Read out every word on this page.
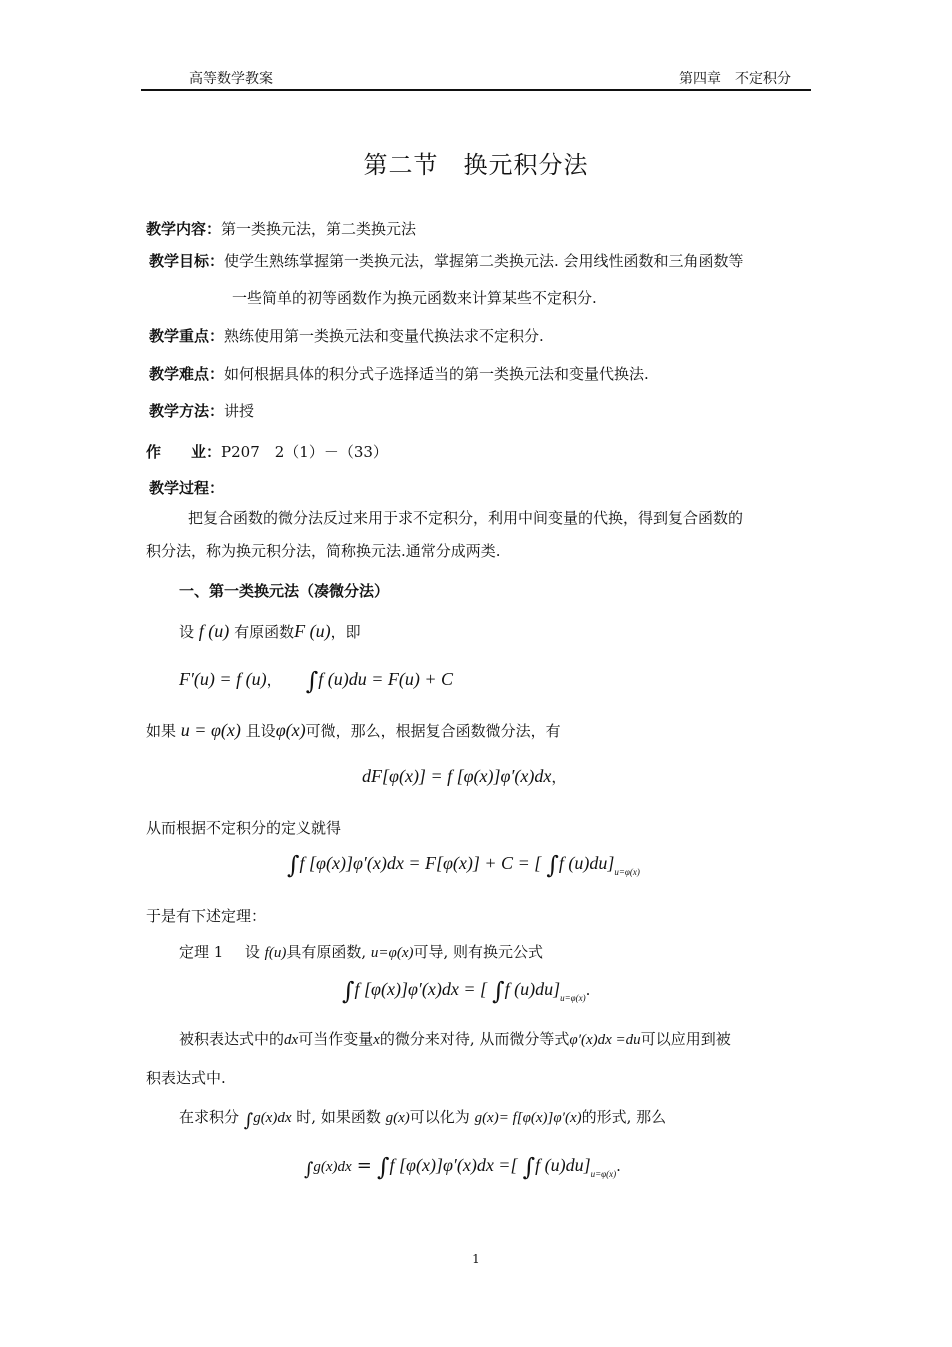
高等数学教案	第四章　不定积分
第二节　换元积分法
教学内容：第一类换元法，第二类换元法
教学目标：使学生熟练掌握第一类换元法，掌握第二类换元法. 会用线性函数和三角函数等
一些简单的初等函数作为换元函数来计算某些不定积分.
教学重点：熟练使用第一类换元法和变量代换法求不定积分.
教学难点：如何根据具体的积分式子选择适当的第一类换元法和变量代换法.
教学方法：讲授
作　　业：P207　2（1）－（33）
教学过程：
把复合函数的微分法反过来用于求不定积分，利用中间变量的代换，得到复合函数的
积分法，称为换元积分法，简称换元法.通常分成两类.
一、第一类换元法（凑微分法）
设 f (u) 有原函数F (u)，即
F′(u) = f (u)， ∫f (u)du = F(u) + C
如果 u = φ(x) 且设φ(x)可微，那么，根据复合函数微分法，有
dF[φ(x)] = f [φ(x)]φ′(x)dx，
从而根据不定积分的定义就得
∫f [φ(x)]φ′(x)dx = F[φ(x)] + C = [ ∫f $(u)du]_{u=\varphi(x)}$
于是有下述定理：
定理 1 设 f(u)具有原函数, u=φ(x)可导, 则有换元公式
∫f [φ(x)]φ′(x)dx = [ ∫f $(u)du]_{u=\varphi(x)}$.
被积表达式中的dx可当作变量x的微分来对待, 从而微分等式φ′(x)dx =du可以应用到被
积表达式中.
在求积分 ∫g(x)dx 时, 如果函数 g(x)可以化为 g(x)= f[φ(x)]φ′(x)的形式, 那么
∫g(x)dx = ∫f [φ(x)]φ′(x)dx =[ ∫f $(u)du]_{u=\varphi(x)}$.
1
